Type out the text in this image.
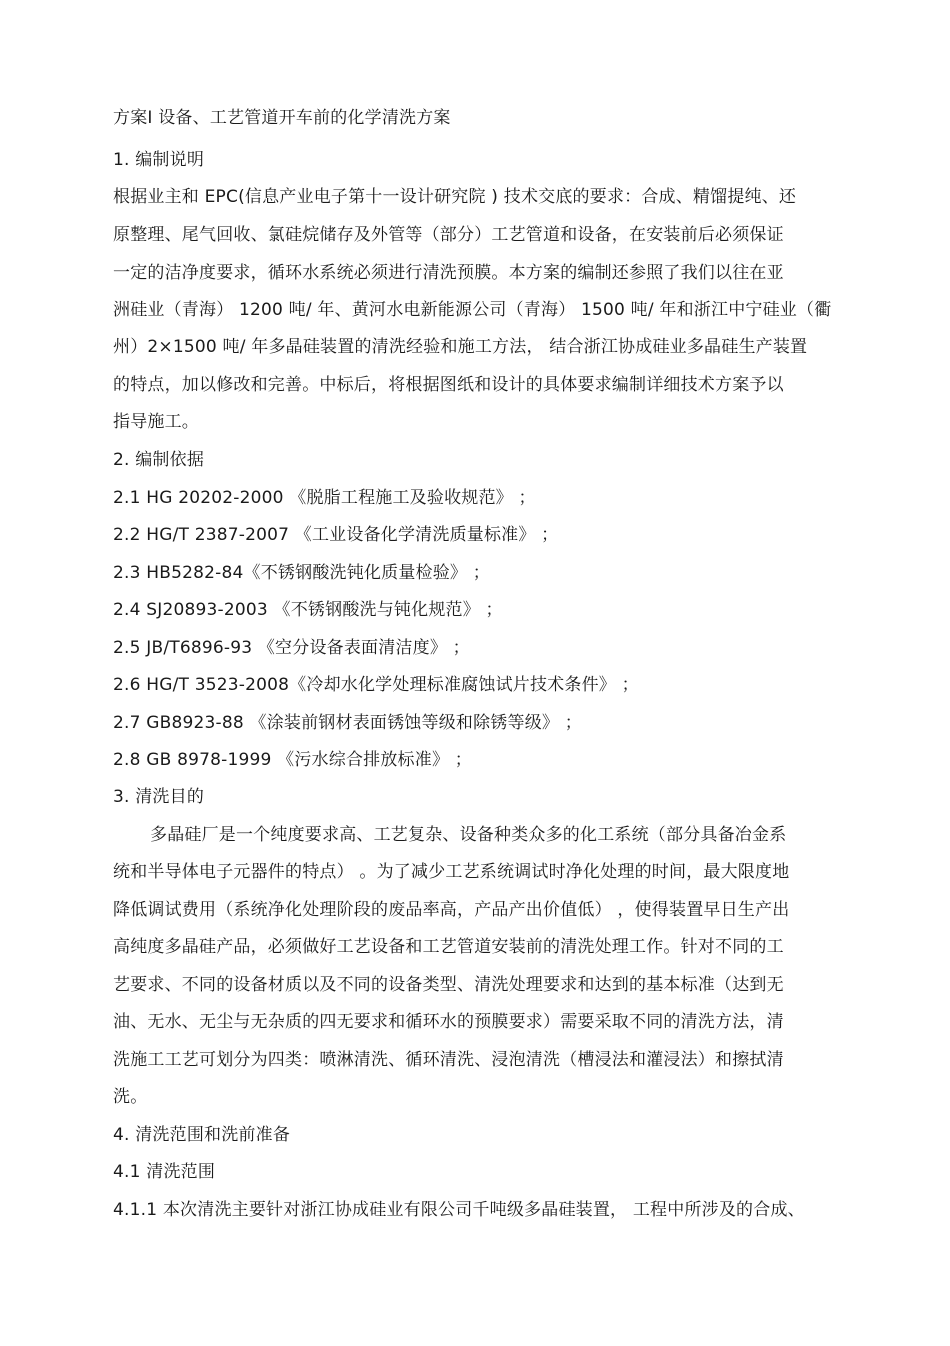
方案Ⅰ 设备、工艺管道开车前的化学清洗方案
1. 编制说明
根据业主和 EPC(信息产业电子第十一设计研究院 ) 技术交底的要求：合成、精馏提纯、还
原整理、尾气回收、氯硅烷储存及外管等（部分）工艺管道和设备，在安装前后必须保证
一定的洁净度要求，循环水系统必须进行清洗预膜。本方案的编制还参照了我们以往在亚
洲硅业（青海） 1200 吨/ 年、黄河水电新能源公司（青海） 1500 吨/ 年和浙江中宁硅业（衢
州）2×1500 吨/ 年多晶硅装置的清洗经验和施工方法， 结合浙江协成硅业多晶硅生产装置
的特点，加以修改和完善。中标后，将根据图纸和设计的具体要求编制详细技术方案予以
指导施工。
2. 编制依据
2.1 HG 20202-2000 《脱脂工程施工及验收规范》 ；
2.2 HG/T 2387-2007 《工业设备化学清洗质量标准》 ；
2.3 HB5282-84《不锈钢酸洗钝化质量检验》 ；
2.4 SJ20893-2003 《不锈钢酸洗与钝化规范》 ；
2.5 JB/T6896-93 《空分设备表面清洁度》 ；
2.6 HG/T 3523-2008《冷却水化学处理标准腐蚀试片技术条件》 ；
2.7 GB8923-88 《涂装前钢材表面锈蚀等级和除锈等级》 ；
2.8 GB 8978-1999 《污水综合排放标准》 ；
3. 清洗目的
多晶硅厂是一个纯度要求高、工艺复杂、设备种类众多的化工系统（部分具备冶金系
统和半导体电子元器件的特点） 。为了减少工艺系统调试时净化处理的时间，最大限度地
降低调试费用（系统净化处理阶段的废品率高，产品产出价值低） ，使得装置早日生产出
高纯度多晶硅产品，必须做好工艺设备和工艺管道安装前的清洗处理工作。针对不同的工
艺要求、不同的设备材质以及不同的设备类型、清洗处理要求和达到的基本标准（达到无
油、无水、无尘与无杂质的四无要求和循环水的预膜要求）需要采取不同的清洗方法，清
洗施工工艺可划分为四类：喷淋清洗、循环清洗、浸泡清洗（槽浸法和灌浸法）和擦拭清
洗。
4. 清洗范围和洗前准备
4.1 清洗范围
4.1.1 本次清洗主要针对浙江协成硅业有限公司千吨级多晶硅装置， 工程中所涉及的合成、
